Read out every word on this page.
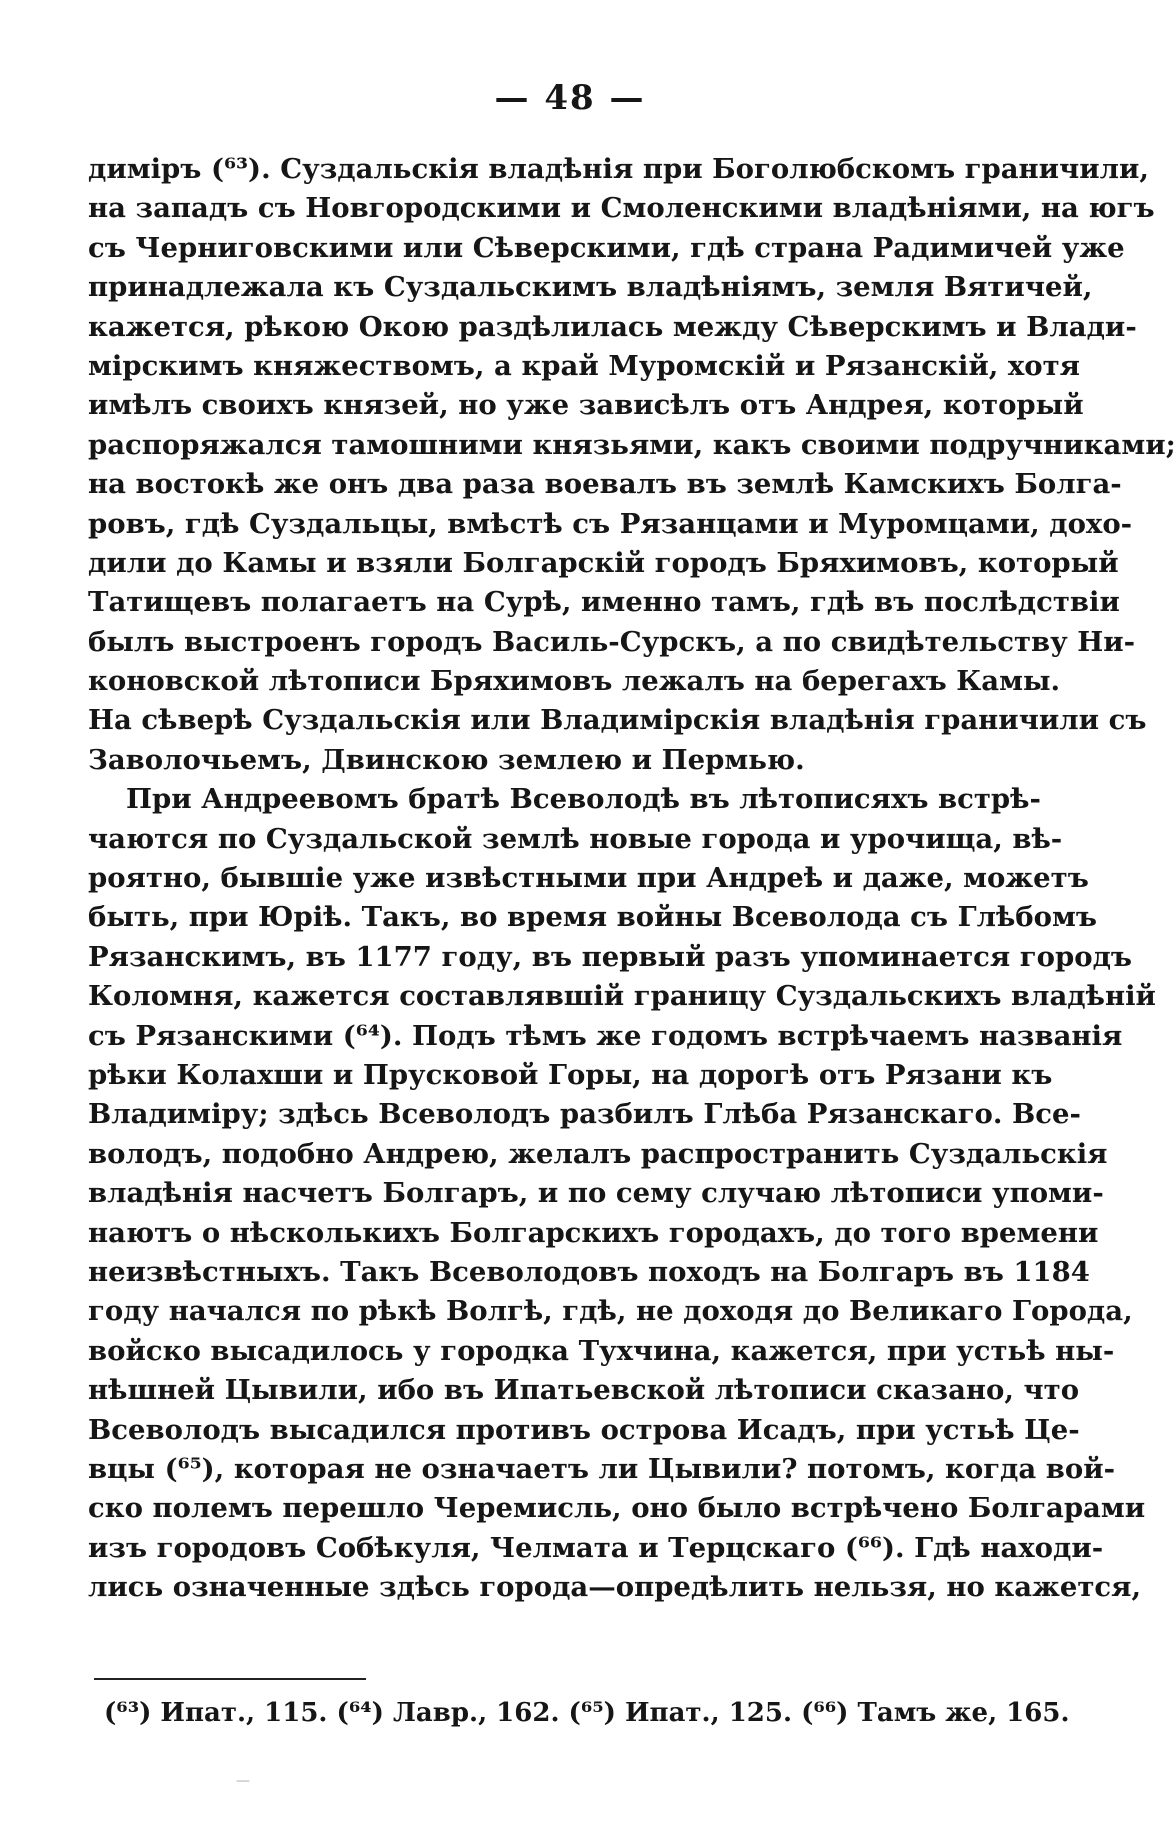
— 48 —
диміръ (⁶³). Суздальскія владѣнія при Боголюбскомъ граничили,
на западъ съ Новгородскими и Смоленскими владѣніями, на югъ
съ Черниговскими или Сѣверскими, гдѣ страна Радимичей уже
принадлежала къ Суздальскимъ владѣніямъ, земля Вятичей,
кажется, рѣкою Окою раздѣлилась между Сѣверскимъ и Влади-
мірскимъ княжествомъ, а край Муромскій и Рязанскій, хотя
имѣлъ своихъ князей, но уже зависѣлъ отъ Андрея, который
распоряжался тамошними князьями, какъ своими подручниками;
на востокѣ же онъ два раза воевалъ въ землѣ Камскихъ Болга-
ровъ, гдѣ Суздальцы, вмѣстѣ съ Рязанцами и Муромцами, дохо-
дили до Камы и взяли Болгарскій городъ Бряхимовъ, который
Татищевъ полагаетъ на Сурѣ, именно тамъ, гдѣ въ послѣдствіи
былъ выстроенъ городъ Василь-Сурскъ, а по свидѣтельству Ни-
коновской лѣтописи Бряхимовъ лежалъ на берегахъ Камы.
На сѣверѣ Суздальскія или Владимірскія владѣнія граничили съ
Заволочьемъ, Двинскою землею и Пермью.
При Андреевомъ братѣ Всеволодѣ въ лѣтописяхъ встрѣ-
чаются по Суздальской землѣ новые города и урочища, вѣ-
роятно, бывшіе уже извѣстными при Андреѣ и даже, можетъ
быть, при Юріѣ. Такъ, во время войны Всеволода съ Глѣбомъ
Рязанскимъ, въ 1177 году, въ первый разъ упоминается городъ
Коломня, кажется составлявшій границу Суздальскихъ владѣній
съ Рязанскими (⁶⁴). Подъ тѣмъ же годомъ встрѣчаемъ названія
рѣки Колахши и Прусковой Горы, на дорогѣ отъ Рязани къ
Владиміру; здѣсь Всеволодъ разбилъ Глѣба Рязанскаго. Все-
володъ, подобно Андрею, желалъ распространить Суздальскія
владѣнія насчетъ Болгаръ, и по сему случаю лѣтописи упоми-
наютъ о нѣсколькихъ Болгарскихъ городахъ, до того времени
неизвѣстныхъ. Такъ Всеволодовъ походъ на Болгаръ въ 1184
году начался по рѣкѣ Волгѣ, гдѣ, не доходя до Великаго Города,
войско высадилось у городка Тухчина, кажется, при устьѣ ны-
нѣшней Цывили, ибо въ Ипатьевской лѣтописи сказано, что
Всеволодъ высадился противъ острова Исадъ, при устьѣ Це-
вцы (⁶⁵), которая не означаетъ ли Цывили? потомъ, когда вой-
ско полемъ перешло Черемисль, оно было встрѣчено Болгарами
изъ городовъ Собѣкуля, Челмата и Терцскаго (⁶⁶). Гдѣ находи-
лись означенные здѣсь города—опредѣлить нельзя, но кажется,
(⁶³) Ипат., 115. (⁶⁴) Лавр., 162. (⁶⁵) Ипат., 125. (⁶⁶) Тамъ же, 165.
—
